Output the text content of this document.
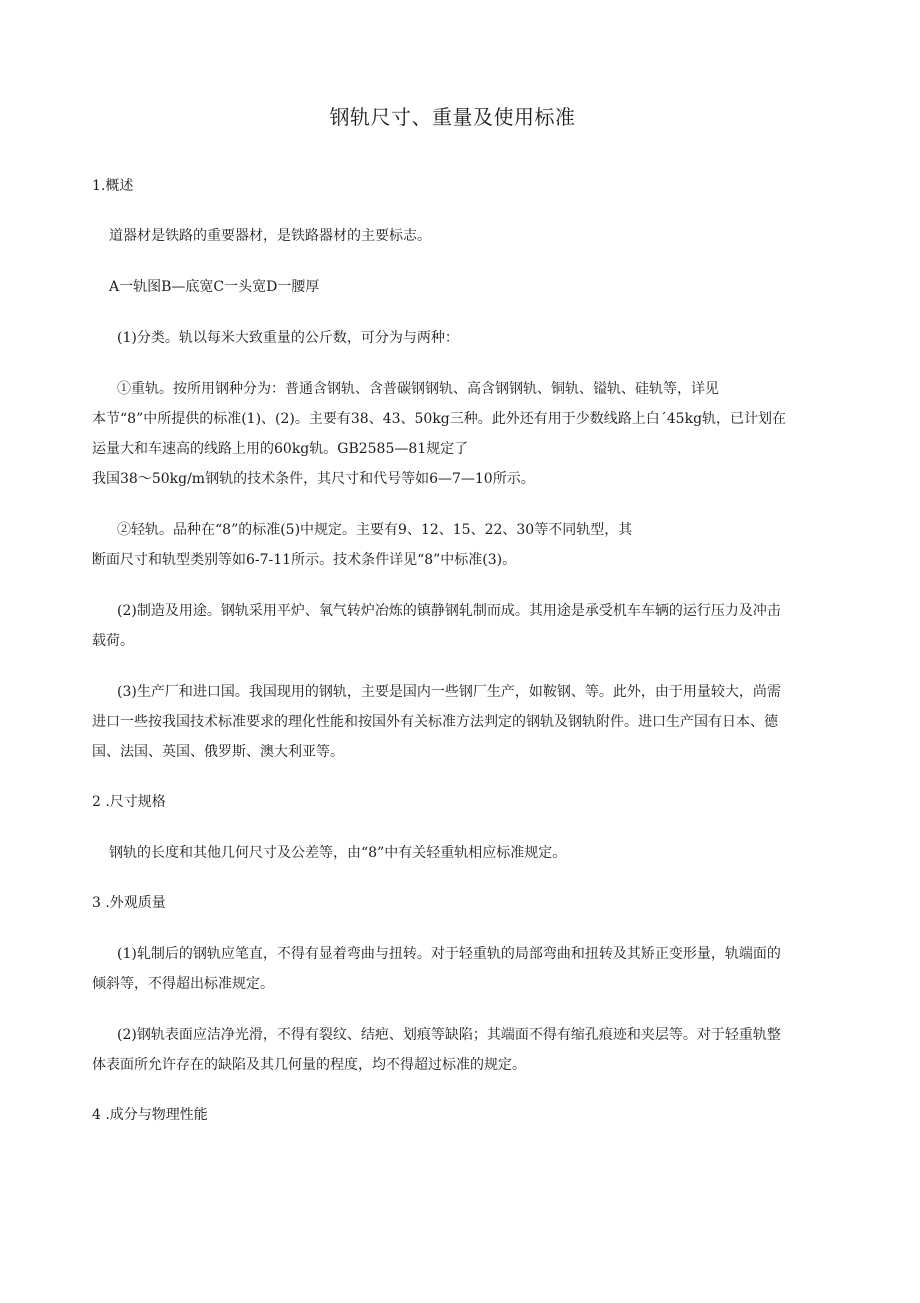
钢轨尺寸、重量及使用标准
1.概述
道器材是铁路的重要器材，是铁路器材的主要标志。
A一轨图B—底宽C一头宽D一腰厚
(1)分类。轨以每米大致重量的公斤数，可分为与两种：
①重轨。按所用钢种分为：普通含钢轨、含普碳钢钢轨、高含钢钢轨、铜轨、镒轨、硅轨等，详见
本节“8”中所提供的标准(1)、(2)。主要有38、43、50kg三种。此外还有用于少数线路上白´45kg轨，已计划在
运量大和车速高的线路上用的60kg轨。GB2585—81规定了
我国38～50kg/m钢轨的技术条件，其尺寸和代号等如6—7—10所示。
②轻轨。品种在“8”的标准(5)中规定。主要有9、12、15、22、30等不同轨型，其
断面尺寸和轨型类别等如6-7-11所示。技术条件详见“8”中标准(3)。
(2)制造及用途。钢轨采用平炉、氧气转炉冶炼的镇静钢轧制而成。其用途是承受机车车辆的运行压力及冲击
载荷。
(3)生产厂和进口国。我国现用的钢轨，主要是国内一些钢厂生产，如鞍钢、等。此外，由于用量较大，尚需
进口一些按我国技术标准要求的理化性能和按国外有关标准方法判定的钢轨及钢轨附件。进口生产国有日本、德
国、法国、英国、俄罗斯、澳大利亚等。
2 .尺寸规格
钢轨的长度和其他几何尺寸及公差等，由“8”中有关轻重轨相应标准规定。
3 .外观质量
(1)轧制后的钢轨应笔直，不得有显着弯曲与扭转。对于轻重轨的局部弯曲和扭转及其矫正变形量，轨端面的
倾斜等，不得超出标准规定。
(2)钢轨表面应洁净光滑，不得有裂纹、结疤、划痕等缺陷；其端面不得有缩孔痕迹和夹层等。对于轻重轨整
体表面所允许存在的缺陷及其几何量的程度，均不得超过标准的规定。
4 .成分与物理性能
